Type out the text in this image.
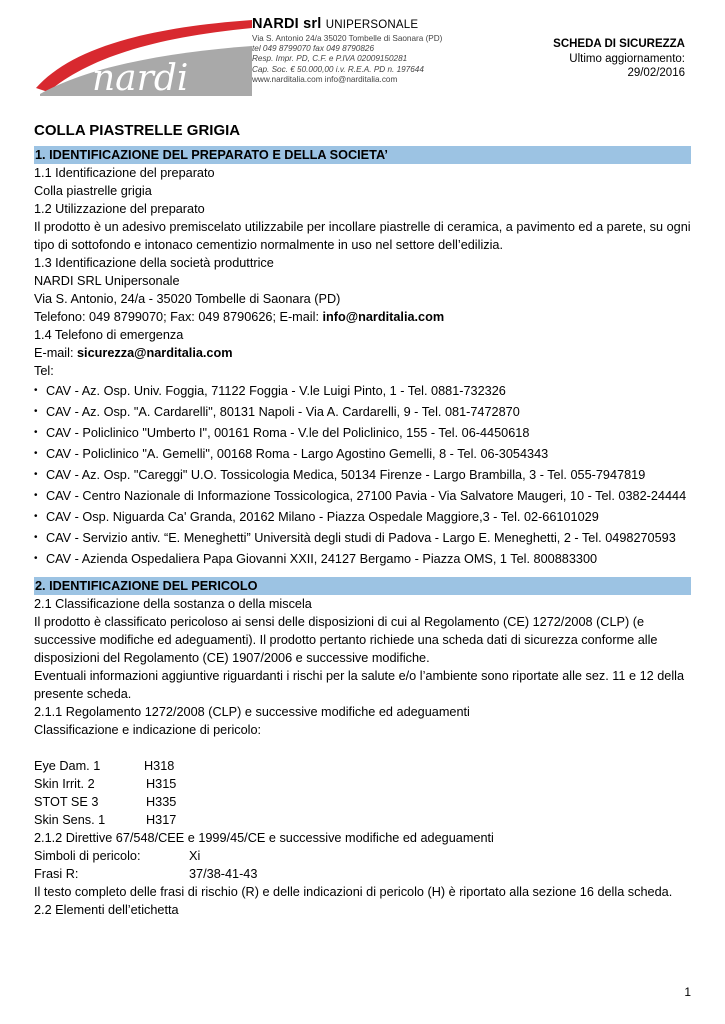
nardi
NARDI srl UNIPERSONALE
Via S. Antonio 24/a 35020 Tombelle di Saonara (PD)
tel 049 8799070 fax 049 8790826
Resp. Impr. PD, C.F. e P.IVA 02009150281
Cap. Soc. € 50.000,00 i.v. R.E.A. PD n. 197644
www.narditalia.com info@narditalia.com
SCHEDA DI SICUREZZA
Ultimo aggiornamento:
29/02/2016
COLLA PIASTRELLE GRIGIA
1. IDENTIFICAZIONE DEL PREPARATO E DELLA SOCIETA’

1.1 Identificazione del preparato

Colla piastrelle grigia

1.2 Utilizzazione del preparato

Il prodotto è un adesivo premiscelato utilizzabile per incollare piastrelle di ceramica, a pavimento ed a parete, su ogni tipo di sottofondo e intonaco cementizio normalmente in uso nel settore dell’edilizia.

1.3 Identificazione della società produttrice

NARDI SRL Unipersonale

Via S. Antonio, 24/a - 35020 Tombelle di Saonara (PD)

Telefono: 049 8799070; Fax: 049 8790626; E-mail: info@narditalia.com

1.4 Telefono di emergenza

E-mail: sicurezza@narditalia.com

Tel:

• CAV - Az. Osp. Univ. Foggia, 71122 Foggia - V.le Luigi Pinto, 1 - Tel. 0881-732326
• CAV - Az. Osp. "A. Cardarelli", 80131 Napoli - Via A. Cardarelli, 9 - Tel. 081-7472870
• CAV - Policlinico "Umberto I", 00161 Roma - V.le del Policlinico, 155 - Tel. 06-4450618
• CAV - Policlinico "A. Gemelli", 00168 Roma - Largo Agostino Gemelli, 8 - Tel. 06-3054343
• CAV - Az. Osp. "Careggi" U.O. Tossicologia Medica, 50134 Firenze - Largo Brambilla, 3 - Tel. 055-7947819
• CAV - Centro Nazionale di Informazione Tossicologica, 27100 Pavia - Via Salvatore Maugeri, 10 - Tel. 0382-24444
• CAV - Osp. Niguarda Ca' Granda, 20162 Milano - Piazza Ospedale Maggiore,3 - Tel. 02-66101029
• CAV - Servizio antiv. “E. Meneghetti” Università degli studi di Padova - Largo E. Meneghetti, 2 - Tel. 0498270593
• CAV - Azienda Ospedaliera Papa Giovanni XXII, 24127 Bergamo - Piazza OMS, 1 Tel. 800883300
2. IDENTIFICAZIONE DEL PERICOLO

2.1 Classificazione della sostanza o della miscela

Il prodotto è classificato pericoloso ai sensi delle disposizioni di cui al Regolamento (CE) 1272/2008 (CLP) (e successive modifiche ed adeguamenti). Il prodotto pertanto richiede una scheda dati di sicurezza conforme alle disposizioni del Regolamento (CE) 1907/2006 e successive modifiche.

Eventuali informazioni aggiuntive riguardanti i rischi per la salute e/o l’ambiente sono riportate alle sez. 11 e 12 della presente scheda.

2.1.1 Regolamento 1272/2008 (CLP) e successive modifiche ed adeguamenti

Classificazione e indicazione di pericolo:

Eye Dam. 1	H318

Skin Irrit. 2	H315

STOT SE 3	H335

Skin Sens. 1	H317

2.1.2 Direttive 67/548/CEE e 1999/45/CE e successive modifiche ed adeguamenti

Simboli di pericolo:	Xi

Frasi R:	37/38-41-43

Il testo completo delle frasi di rischio (R) e delle indicazioni di pericolo (H) è riportato alla sezione 16 della scheda.

2.2 Elementi dell’etichetta

1
